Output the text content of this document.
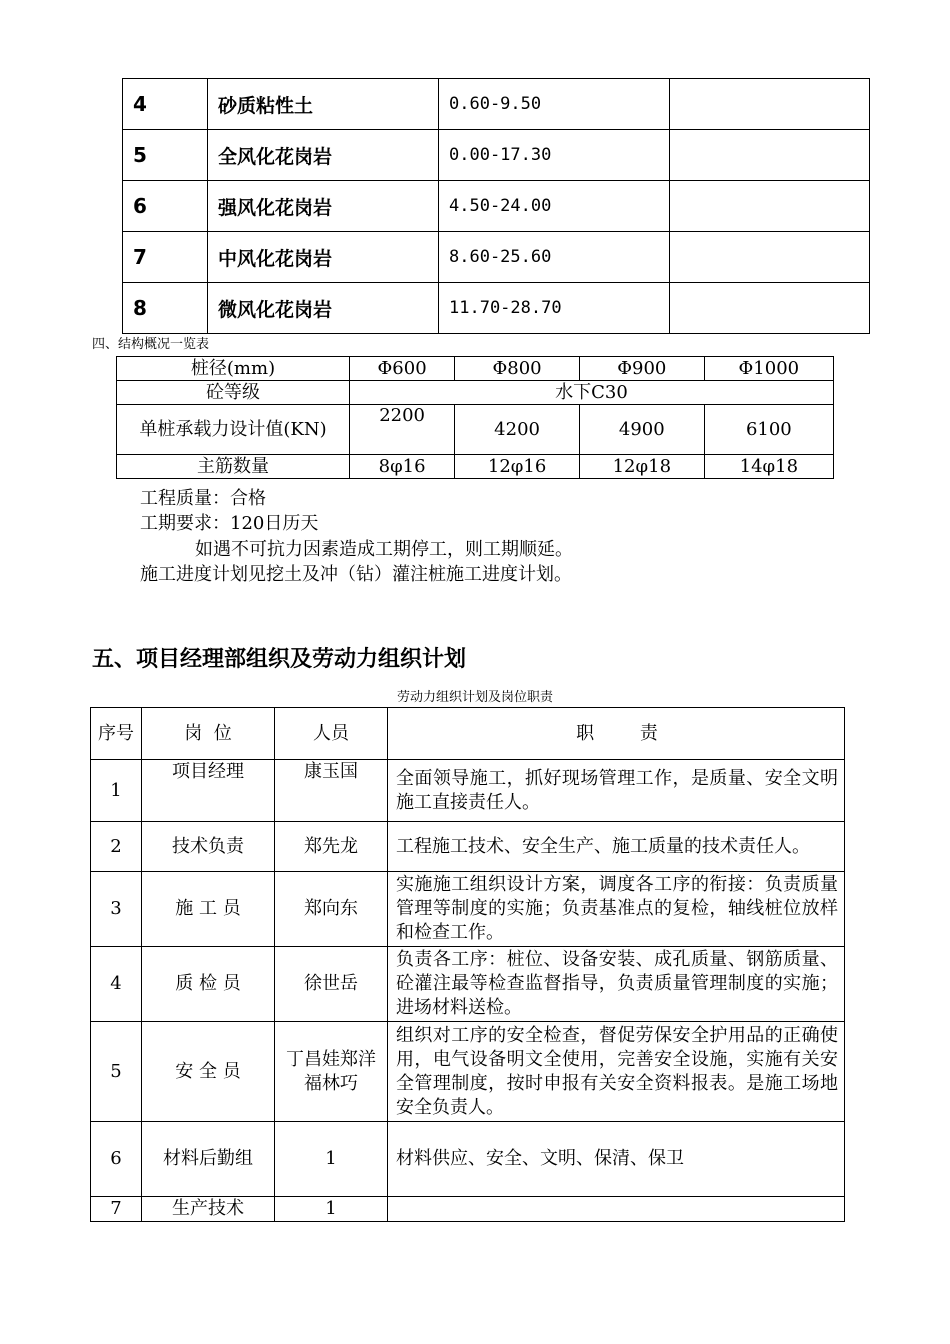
4	砂质粘性土	0.60-9.50	
5	全风化花岗岩	0.00-17.30	
6	强风化花岗岩	4.50-24.00	
7	中风化花岗岩	8.60-25.60	
8	微风化花岗岩	11.70-28.70	
四、结构概况一览表
桩径(mm)	Φ600	Φ800	Φ900	Φ1000
砼等级	水下C30			
单桩承载力设计值(KN)	2200	4200	4900	6100
主筋数量	8φ16	12φ16	12φ18	14φ18
工程质量：合格
工期要求：120日历天
如遇不可抗力因素造成工期停工，则工期顺延。
施工进度计划见挖土及冲（钻）灌注桩施工进度计划。
五、项目经理部组织及劳动力组织计划
劳动力组织计划及岗位职责
序号	岗  位	人员	职        责
1	项目经理	康玉国	全面领导施工，抓好现场管理工作，是质量、安全文明施工直接责任人。
2	技术负责	郑先龙	工程施工技术、安全生产、施工质量的技术责任人。
3	施 工 员	郑向东	实施施工组织设计方案，调度各工序的衔接：负责质量管理等制度的实施；负责基准点的复检，轴线桩位放样和检查工作。
4	质 检 员	徐世岳	负责各工序：桩位、设备安装、成孔质量、钢筋质量、砼灌注最等检查监督指导，负责质量管理制度的实施；进场材料送检。
5	安 全 员	丁昌娃郑洋福林巧	组织对工序的安全检查，督促劳保安全护用品的正确使用，电气设备明文全使用，完善安全设施，实施有关安全管理制度，按时申报有关安全资料报表。是施工场地安全负责人。
6	材料后勤组	1	材料供应、安全、文明、保清、保卫
7	生产技术	1	
